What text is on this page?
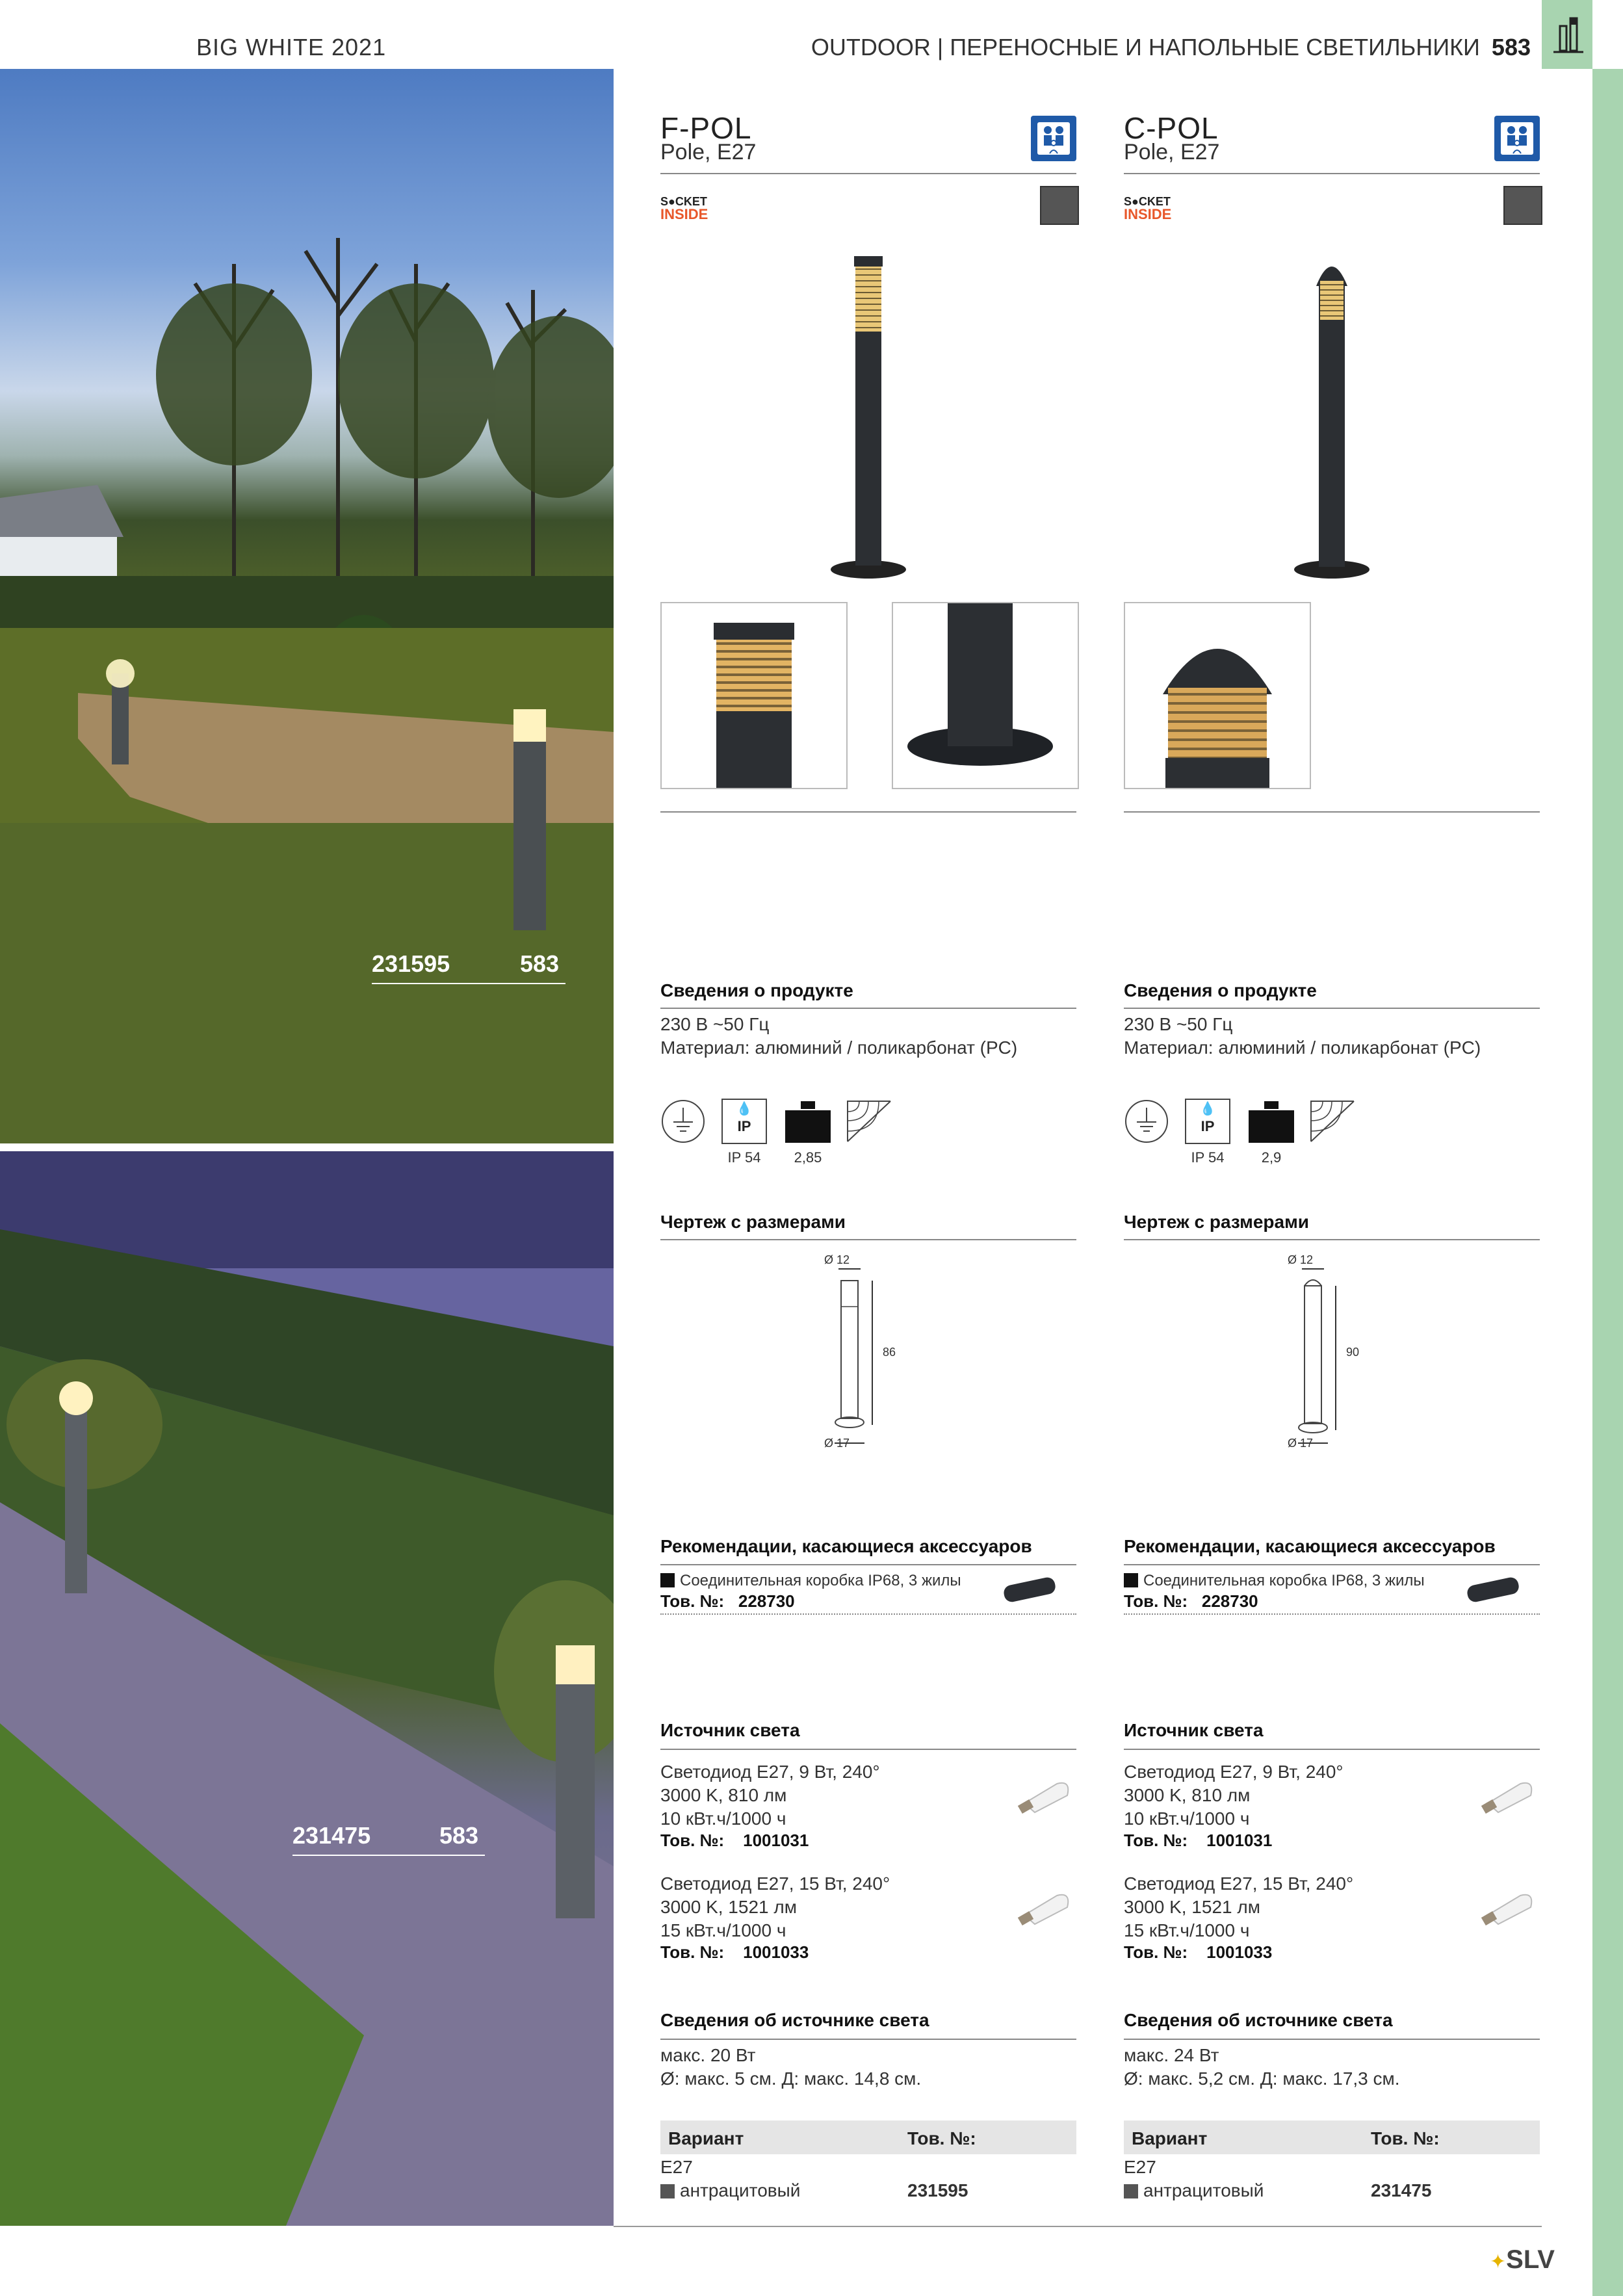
BIG WHITE 2021	OUTDOOR | ПЕРЕНОСНЫЕ И НАПОЛЬНЫЕ СВЕТИЛЬНИКИ 583
231595	583
231475	583
F-POL
Pole, E27
S●CKET
INSIDE
Сведения о продукте
230 В ~50 Гц
Материал: алюминий / поликарбонат (PC)
💧
IP
IP 54	2,85
Чертеж с размерами
Ø 12
86
Ø 17
Рекомендации, касающиеся аксессуаров
Соединительная коробка IP68, 3 жилы
Тов. №: 228730
Источник света
Светодиод E27, 9 Вт, 240°
3000 K, 810 лм
10 кВт.ч/1000 ч
Тов. №: 1001031
Светодиод E27, 15 Вт, 240°
3000 K, 1521 лм
15 кВт.ч/1000 ч
Тов. №: 1001033
Сведения об источнике света
макс. 20 Вт
Ø: макс. 5 см. Д: макс. 14,8 см.
Вариант	Тов. №:
E27
антрацитовый	231595
C-POL
Pole, E27
S●CKET
INSIDE
Сведения о продукте
230 В ~50 Гц
Материал: алюминий / поликарбонат (PC)
💧
IP
IP 54	2,9
Чертеж с размерами
Ø 12
90
Ø 17
Рекомендации, касающиеся аксессуаров
Соединительная коробка IP68, 3 жилы
Тов. №: 228730
Источник света
Светодиод E27, 9 Вт, 240°
3000 K, 810 лм
10 кВт.ч/1000 ч
Тов. №: 1001031
Светодиод E27, 15 Вт, 240°
3000 K, 1521 лм
15 кВт.ч/1000 ч
Тов. №: 1001033
Сведения об источнике света
макс. 24 Вт
Ø: макс. 5,2 см. Д: макс. 17,3 см.
Вариант	Тов. №:
E27
антрацитовый	231475
✦SLV
